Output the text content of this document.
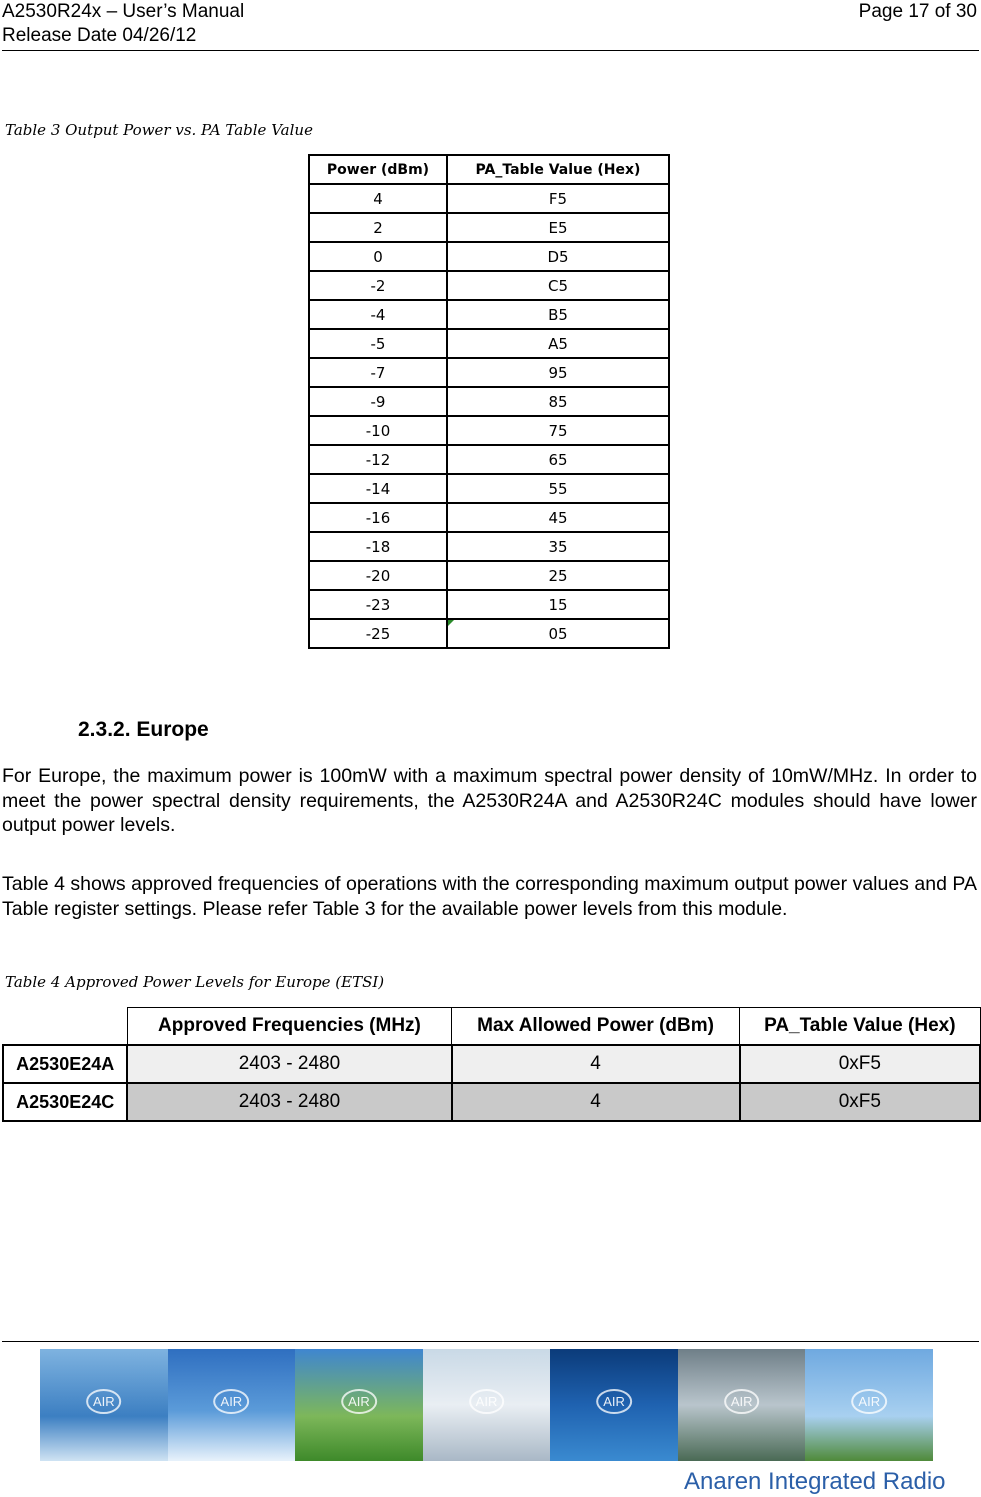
A2530R24x – User’s Manual
Release Date 04/26/12
Page 17 of 30
Table 3 Output Power vs. PA Table Value
Power (dBm)	PA_Table Value (Hex)
4	F5
2	E5
0	D5
-2	C5
-4	B5
-5	A5
-7	95
-9	85
-10	75
-12	65
-14	55
-16	45
-18	35
-20	25
-23	15
-25	05
2.3.2. Europe
For Europe, the maximum power is 100mW with a maximum spectral power density of 10mW/MHz. In order to meet the power spectral density requirements, the A2530R24A and A2530R24C modules should have lower output power levels.
Table 4 shows approved frequencies of operations with the corresponding maximum output power values and PA Table register settings. Please refer Table 3 for the available power levels from this module.
Table 4 Approved Power Levels for Europe (ETSI)
	Approved Frequencies (MHz)	Max Allowed Power (dBm)	PA_Table Value (Hex)
A2530E24A	2403 - 2480	4	0xF5
A2530E24C	2403 - 2480	4	0xF5
AIR	AIR	AIR	AIR	AIR	AIR	AIR
Anaren Integrated Radio
